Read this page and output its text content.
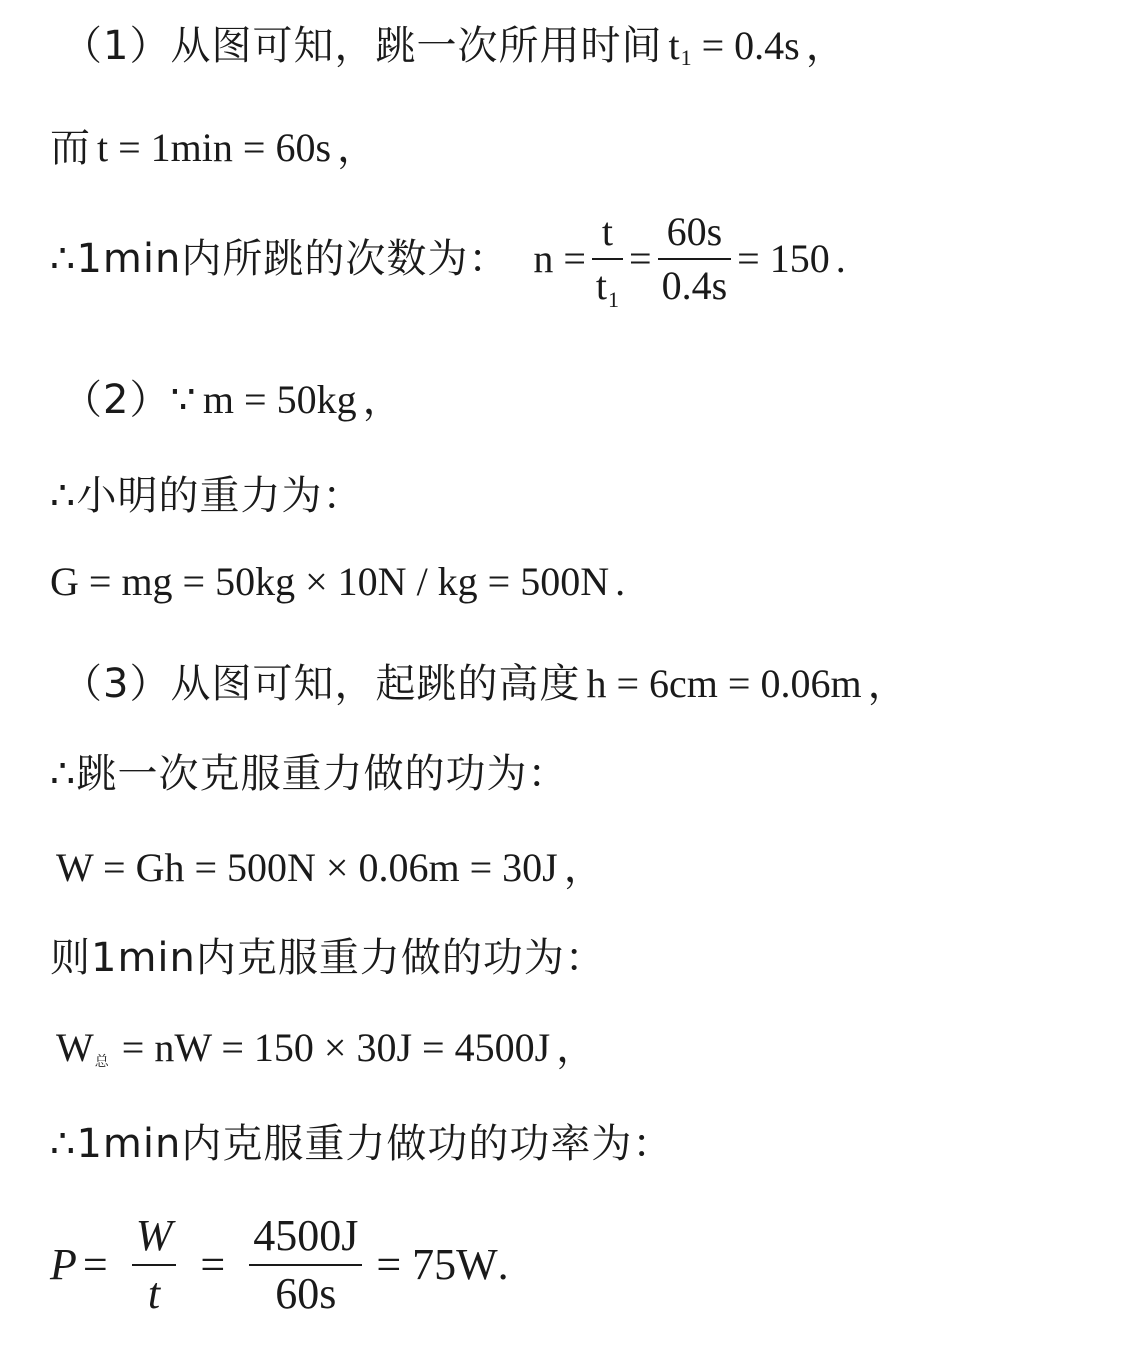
（1）从图可知，跳一次所用时间 t 1 = 0.4s ，
而 t = 1min = 60s ，
∴1min内所跳的次数为： $n = \frac{t}{t_1} = \frac{60s}{0.4s} = 150$ .
（2）∵ m = 50kg ，
∴小明的重力为：
G = mg = 50kg × 10N / kg = 500N .
（3）从图可知，起跳的高度 h = 6cm = 0.06m ，
∴跳一次克服重力做的功为：
W = Gh = 500N × 0.06m = 30J ，
则1min内克服重力做的功为：
W 总 = nW = 150 × 30J = 4500J ，
∴1min内克服重力做功的功率为：
$P = \frac{W}{t} = \frac{4500J}{60s} = 75W$ .
